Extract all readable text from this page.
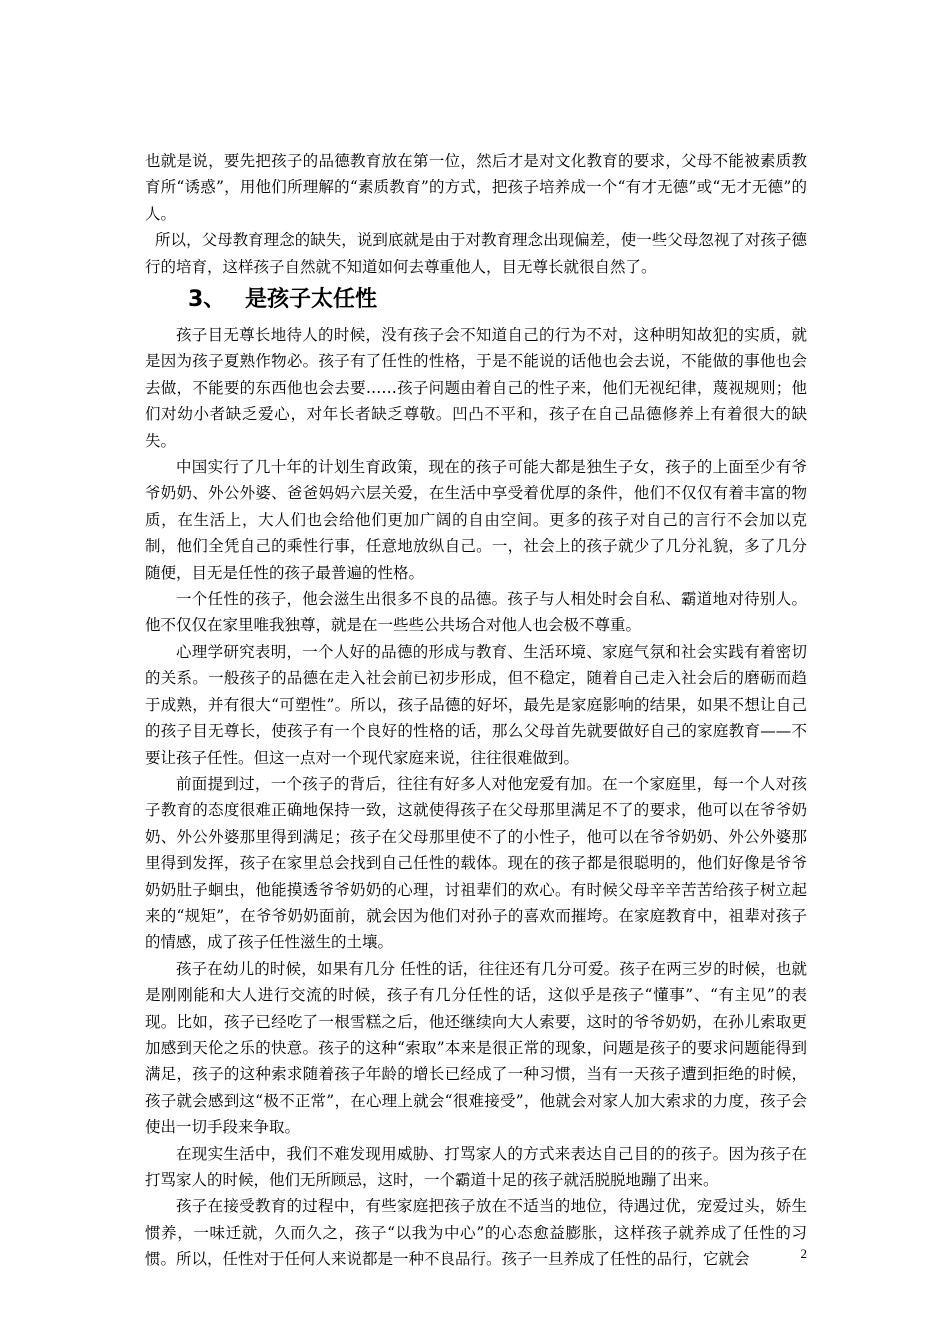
也就是说，要先把孩子的品德教育放在第一位，然后才是对文化教育的要求，父母不能被素质教育所“诱惑”，用他们所理解的“素质教育”的方式，把孩子培养成一个“有才无德”或“无才无德”的人。

所以，父母教育理念的缺失，说到底就是由于对教育理念出现偏差，使一些父母忽视了对孩子德行的培育，这样孩子自然就不知道如何去尊重他人，目无尊长就很自然了。

3、 是孩子太任性

孩子目无尊长地待人的时候，没有孩子会不知道自己的行为不对，这种明知故犯的实质，就是因为孩子夏熟作物必。孩子有了任性的性格，于是不能说的话他也会去说，不能做的事他也会去做，不能要的东西他也会去要……孩子问题由着自己的性子来，他们无视纪律，蔑视规则；他们对幼小者缺乏爱心，对年长者缺乏尊敬。凹凸不平和，孩子在自己品德修养上有着很大的缺失。

中国实行了几十年的计划生育政策，现在的孩子可能大都是独生子女，孩子的上面至少有爷爷奶奶、外公外婆、爸爸妈妈六层关爱，在生活中享受着优厚的条件，他们不仅仅有着丰富的物质，在生活上，大人们也会给他们更加广阔的自由空间。更多的孩子对自己的言行不会加以克制，他们全凭自己的乘性行事，任意地放纵自己。一，社会上的孩子就少了几分礼貌，多了几分随便，目无是任性的孩子最普遍的性格。

一个任性的孩子，他会滋生出很多不良的品德。孩子与人相处时会自私、霸道地对待别人。他不仅仅在家里唯我独尊，就是在一些些公共场合对他人也会极不尊重。

心理学研究表明，一个人好的品德的形成与教育、生活环境、家庭气氛和社会实践有着密切的关系。一般孩子的品德在走入社会前已初步形成，但不稳定，随着自己走入社会后的磨砺而趋于成熟，并有很大“可塑性”。所以，孩子品德的好坏，最先是家庭影响的结果，如果不想让自己的孩子目无尊长，使孩子有一个良好的性格的话，那么父母首先就要做好自己的家庭教育——不要让孩子任性。但这一点对一个现代家庭来说，往往很难做到。

前面提到过，一个孩子的背后，往往有好多人对他宠爱有加。在一个家庭里，每一个人对孩子教育的态度很难正确地保持一致，这就使得孩子在父母那里满足不了的要求，他可以在爷爷奶奶、外公外婆那里得到满足；孩子在父母那里使不了的小性子，他可以在爷爷奶奶、外公外婆那里得到发挥，孩子在家里总会找到自己任性的载体。现在的孩子都是很聪明的，他们好像是爷爷奶奶肚子蛔虫，他能摸透爷爷奶奶的心理，讨祖辈们的欢心。有时候父母辛辛苦苦给孩子树立起来的“规矩”，在爷爷奶奶面前，就会因为他们对孙子的喜欢而摧垮。在家庭教育中，祖辈对孩子的情感，成了孩子任性滋生的土壤。

孩子在幼儿的时候，如果有几分 任性的话，往往还有几分可爱。孩子在两三岁的时候，也就是刚刚能和大人进行交流的时候，孩子有几分任性的话，这似乎是孩子“懂事”、“有主见”的表现。比如，孩子已经吃了一根雪糕之后，他还继续向大人索要，这时的爷爷奶奶，在孙儿索取更加感到天伦之乐的快意。孩子的这种“索取”本来是很正常的现象，问题是孩子的要求问题能得到满足，孩子的这种索求随着孩子年龄的增长已经成了一种习惯，当有一天孩子遭到拒绝的时候，孩子就会感到这“极不正常”，在心理上就会“很难接受”，他就会对家人加大索求的力度，孩子会使出一切手段来争取。

在现实生活中，我们不难发现用威胁、打骂家人的方式来表达自己目的的孩子。因为孩子在打骂家人的时候，他们无所顾忌，这时，一个霸道十足的孩子就活脱脱地蹦了出来。

孩子在接受教育的过程中，有些家庭把孩子放在不适当的地位，待遇过优，宠爱过头，娇生惯养，一味迁就，久而久之，孩子“以我为中心”的心态愈益膨胀，这样孩子就养成了任性的习惯。所以，任性对于任何人来说都是一种不良品行。孩子一旦养成了任性的品行，它就会	2
